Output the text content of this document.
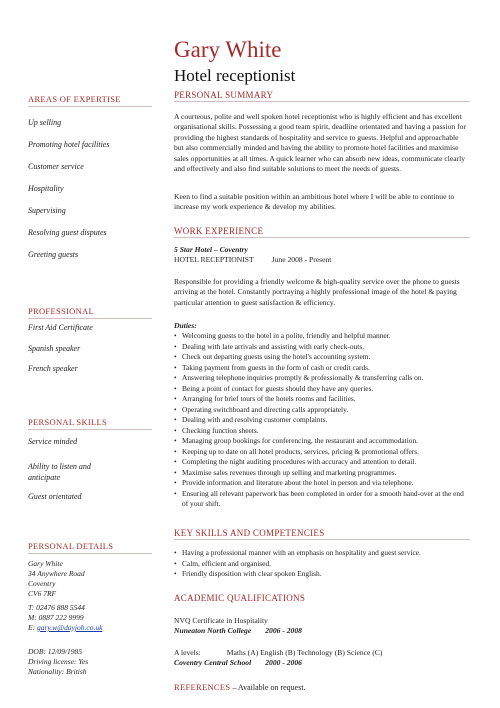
Gary White
Hotel receptionist
AREAS OF EXPERTISE
Up selling
Promoting hotel facilities
Customer service
Hospitality
Supervising
Resolving guest disputes
Greeting guests
PROFESSIONAL
First Aid Certificate
Spanish speaker
French speaker
PERSONAL SKILLS
Service minded
Ability to listen and anticipate
Guest orientated
PERSONAL DETAILS
Gary White
34 Anywhere Road
Coventry
CV6 7RF
T: 02476 888 5544
M: 0887 222 9999
E: gary.w@dayjob.co.uk
DOB: 12/09/1985
Driving license: Yes
Nationality: British
PERSONAL SUMMARY

A courteous, polite and well spoken hotel receptionist who is highly efficient and has excellent organisational skills. Possessing a good team spirit, deadline orientated and having a passion for providing the highest standards of hospitality and service to guests. Helpful and approachable but also commercially minded and having the ability to promote hotel facilities and maximise sales opportunities at all times. A quick learner who can absorb new ideas, communicate clearly and effectively and also find suitable solutions to meet the needs of guests.

Keen to find a suitable position within an ambitious hotel where I will be able to continue to increase my work experience & develop my abilities.

WORK EXPERIENCE
5 Star Hotel – Coventry
HOTEL RECEPTIONIST June 2008 - Present

Responsible for providing a friendly welcome & high-quality service over the phone to guests arriving at the hotel. Constantly portraying a highly professional image of the hotel & paying particular attention to guest satisfaction & efficiency.

Duties:
• Welcoming guests to the hotel in a polite, friendly and helpful manner.
• Dealing with late arrivals and assisting with early check-outs.
• Check out departing guests using the hotel's accounting system.
• Taking payment from guests in the form of cash or credit cards.
• Answering telephone inquiries promptly & professionally & transferring calls on.
• Being a point of contact for guests should they have any queries.
• Arranging for brief tours of the hotels rooms and facilities.
• Operating switchboard and directing calls appropriately.
• Dealing with and resolving customer complaints.
• Checking function sheets.
• Managing group bookings for conferencing, the restaurant and accommodation.
• Keeping up to date on all hotel products, services, pricing & promotional offers.
• Completing the night auditing procedures with accuracy and attention to detail.
• Maximise sales revenues through up selling and marketing programmes.
• Provide information and literature about the hotel in person and via telephone.
• Ensuring all relevant paperwork has been completed in order for a smooth hand-over at the end of your shift.
KEY SKILLS AND COMPETENCIES
• Having a professional manner with an emphasis on hospitality and guest service.
• Calm, efficient and organised.
• Friendly disposition with clear spoken English.
ACADEMIC QUALIFICATIONS
NVQ Certificate in Hospitality
Nuneaton North College 2006 - 2008
A levels:	Maths (A) English (B) Technology (B) Science (C)
Coventry Central School 2000 - 2006
REFERENCES – Available on request.
